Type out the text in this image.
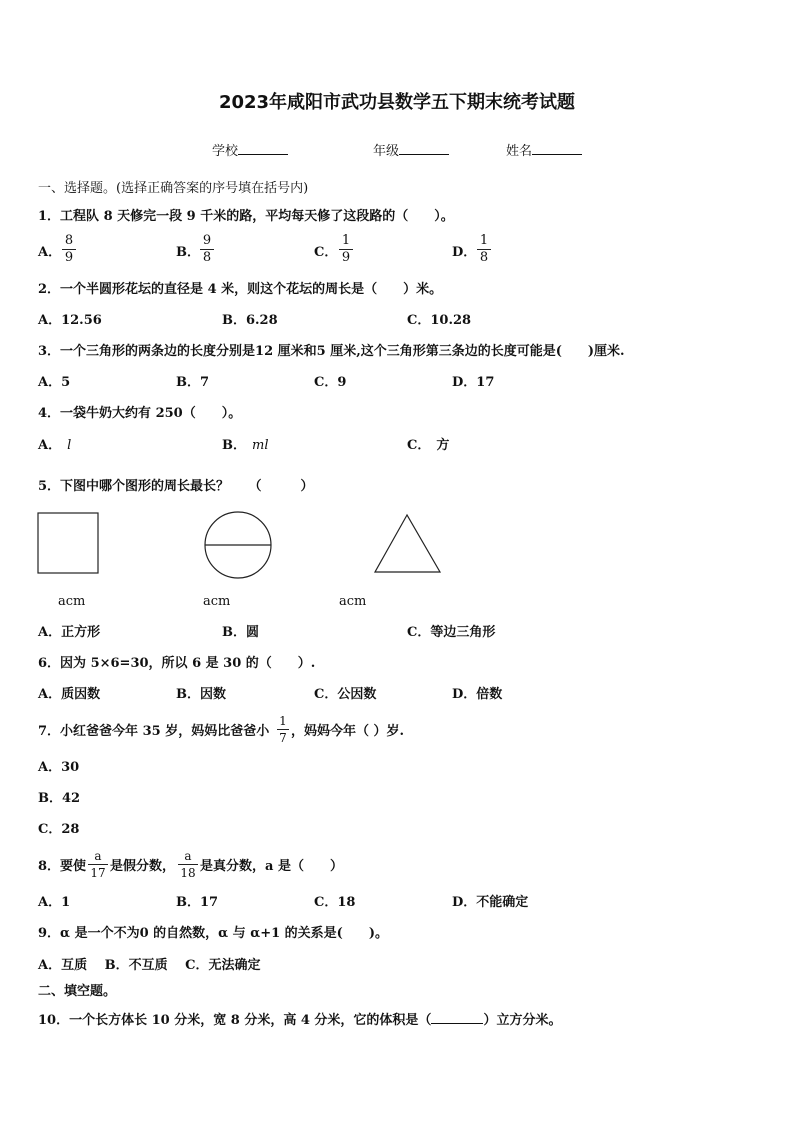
2023年咸阳市武功县数学五下期末统考试题
学校	年级	姓名
一、选择题。(选择正确答案的序号填在括号内)
1．工程队 8 天修完一段 9 千米的路，平均每天修了这段路的（　　）。
A．
8
9	B．
9
8	C．
1
9	D．
1
8
2．一个半圆形花坛的直径是 4 米，则这个花坛的周长是（　　）米。
A．12.56	B．6.28	C．10.28
3．一个三角形的两条边的长度分别是12 厘米和5 厘米,这个三角形第三条边的长度可能是(　　)厘米.
A．5	B．7	C．9	D．17
4．一袋牛奶大约有 250（　　）。
A． l	B． ml	C． 方
5．下图中哪个图形的周长最长？　　（　　　）
acm	acm	acm
A．正方形	B．圆	C．等边三角形
6．因为 5×6=30，所以 6 是 30 的（　　）.
A．质因数	B．因数	C．公因数	D．倍数
7．小红爸爸今年 35 岁，妈妈比爸爸小
1
7 ，妈妈今年（ ）岁.
A．30
B．42
C．28
8．要使
a
17 是假分数，
a
18 是真分数，a 是（　　）
A．1	B．17	C．18	D．不能确定
9．α 是一个不为0 的自然数，α 与 α+1 的关系是(　　)。
A．互质　 B．不互质　 C．无法确定
二、填空题。
10．一个长方体长 10 分米，宽 8 分米，高 4 分米，它的体积是（	）立方分米。
